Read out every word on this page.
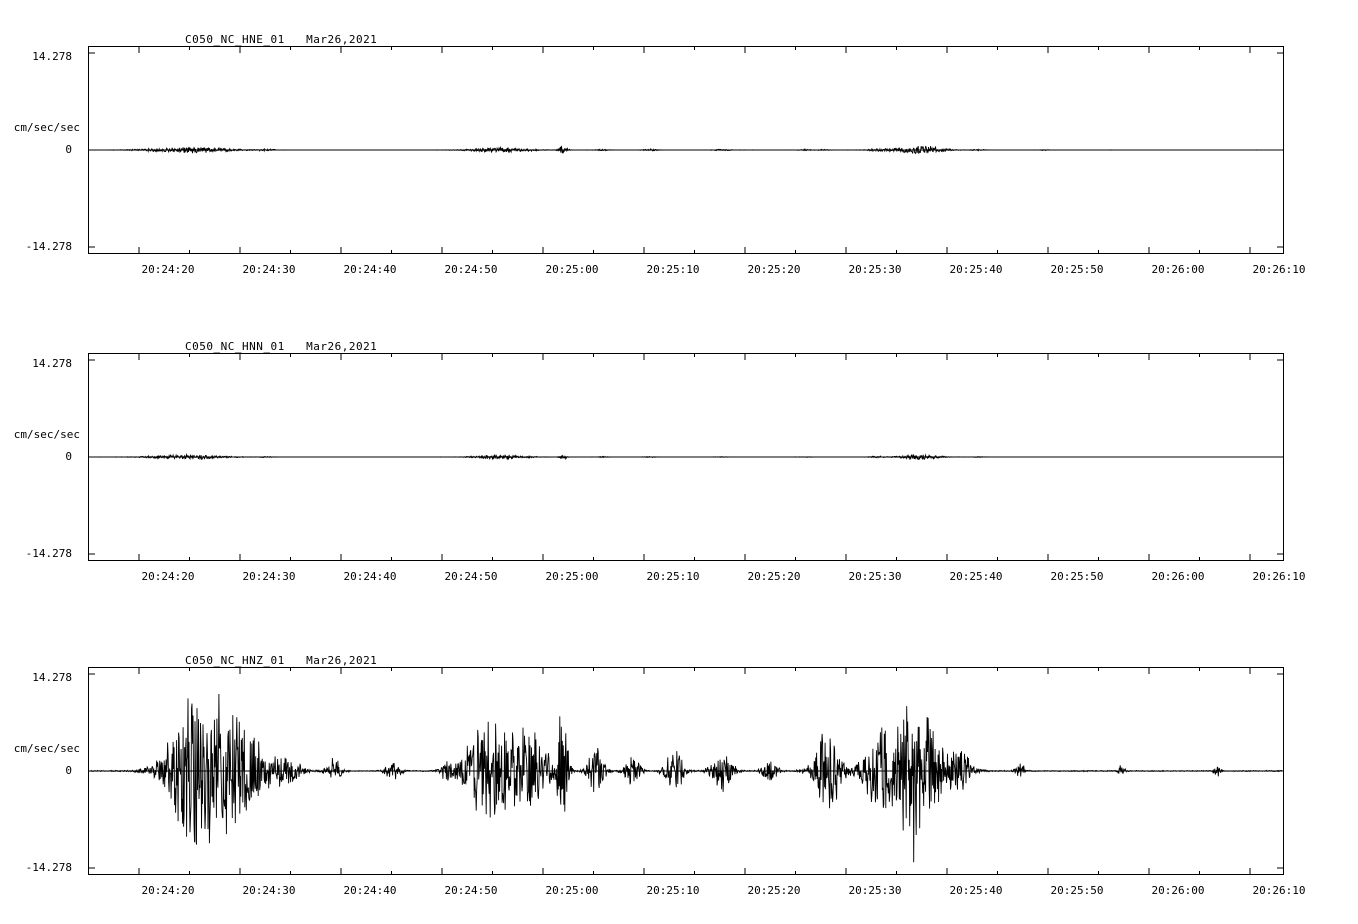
C050_NC_HNE_01   Mar26,2021
cm/sec/sec
14.278
0
-14.278
20:24:20	20:24:30	20:24:40	20:24:50	20:25:00	20:25:10	20:25:20	20:25:30	20:25:40	20:25:50	20:26:00	20:26:10
C050_NC_HNN_01   Mar26,2021
cm/sec/sec
14.278
0
-14.278
20:24:20	20:24:30	20:24:40	20:24:50	20:25:00	20:25:10	20:25:20	20:25:30	20:25:40	20:25:50	20:26:00	20:26:10
C050_NC_HNZ_01   Mar26,2021
cm/sec/sec
14.278
0
-14.278
20:24:20	20:24:30	20:24:40	20:24:50	20:25:00	20:25:10	20:25:20	20:25:30	20:25:40	20:25:50	20:26:00	20:26:10
